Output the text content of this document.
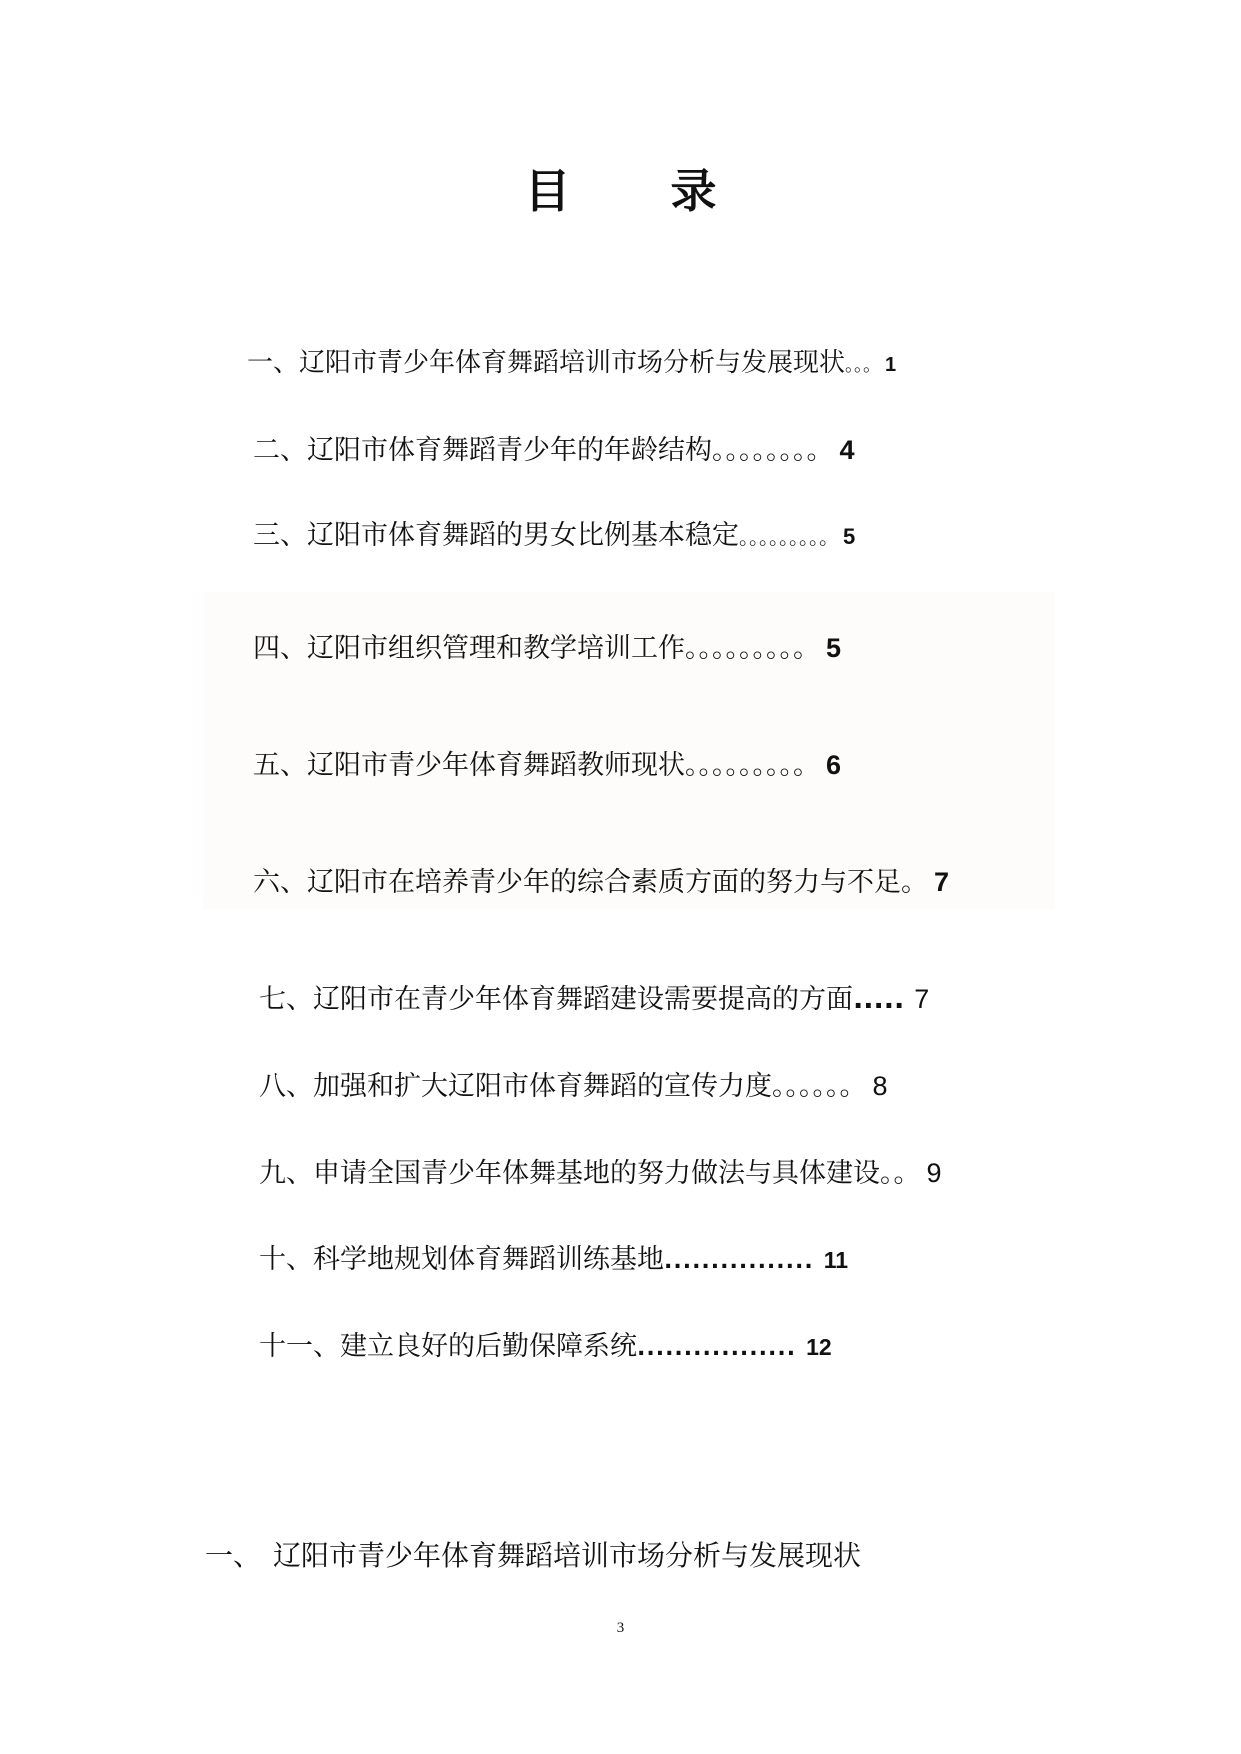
目 录
一、辽阳市青少年体育舞蹈培训市场分析与发展现状。。。 1
二、辽阳市体育舞蹈青少年的年龄结构。。。。。。。。 4
三、辽阳市体育舞蹈的男女比例基本稳定。。。。。。。。。 5
四、辽阳市组织管理和教学培训工作。。。。。。。。。 5
五、辽阳市青少年体育舞蹈教师现状。。。。。。。。。 6
六、辽阳市在培养青少年的综合素质方面的努力与不足。 7
七、辽阳市在青少年体育舞蹈建设需要提高的方面..... 7
八、加强和扩大辽阳市体育舞蹈的宣传力度。。。。。。 8
九、申请全国青少年体舞基地的努力做法与具体建设。。 9
十、科学地规划体育舞蹈训练基地................ 11
十一、建立良好的后勤保障系统................. 12
一、 辽阳市青少年体育舞蹈培训市场分析与发展现状
3
